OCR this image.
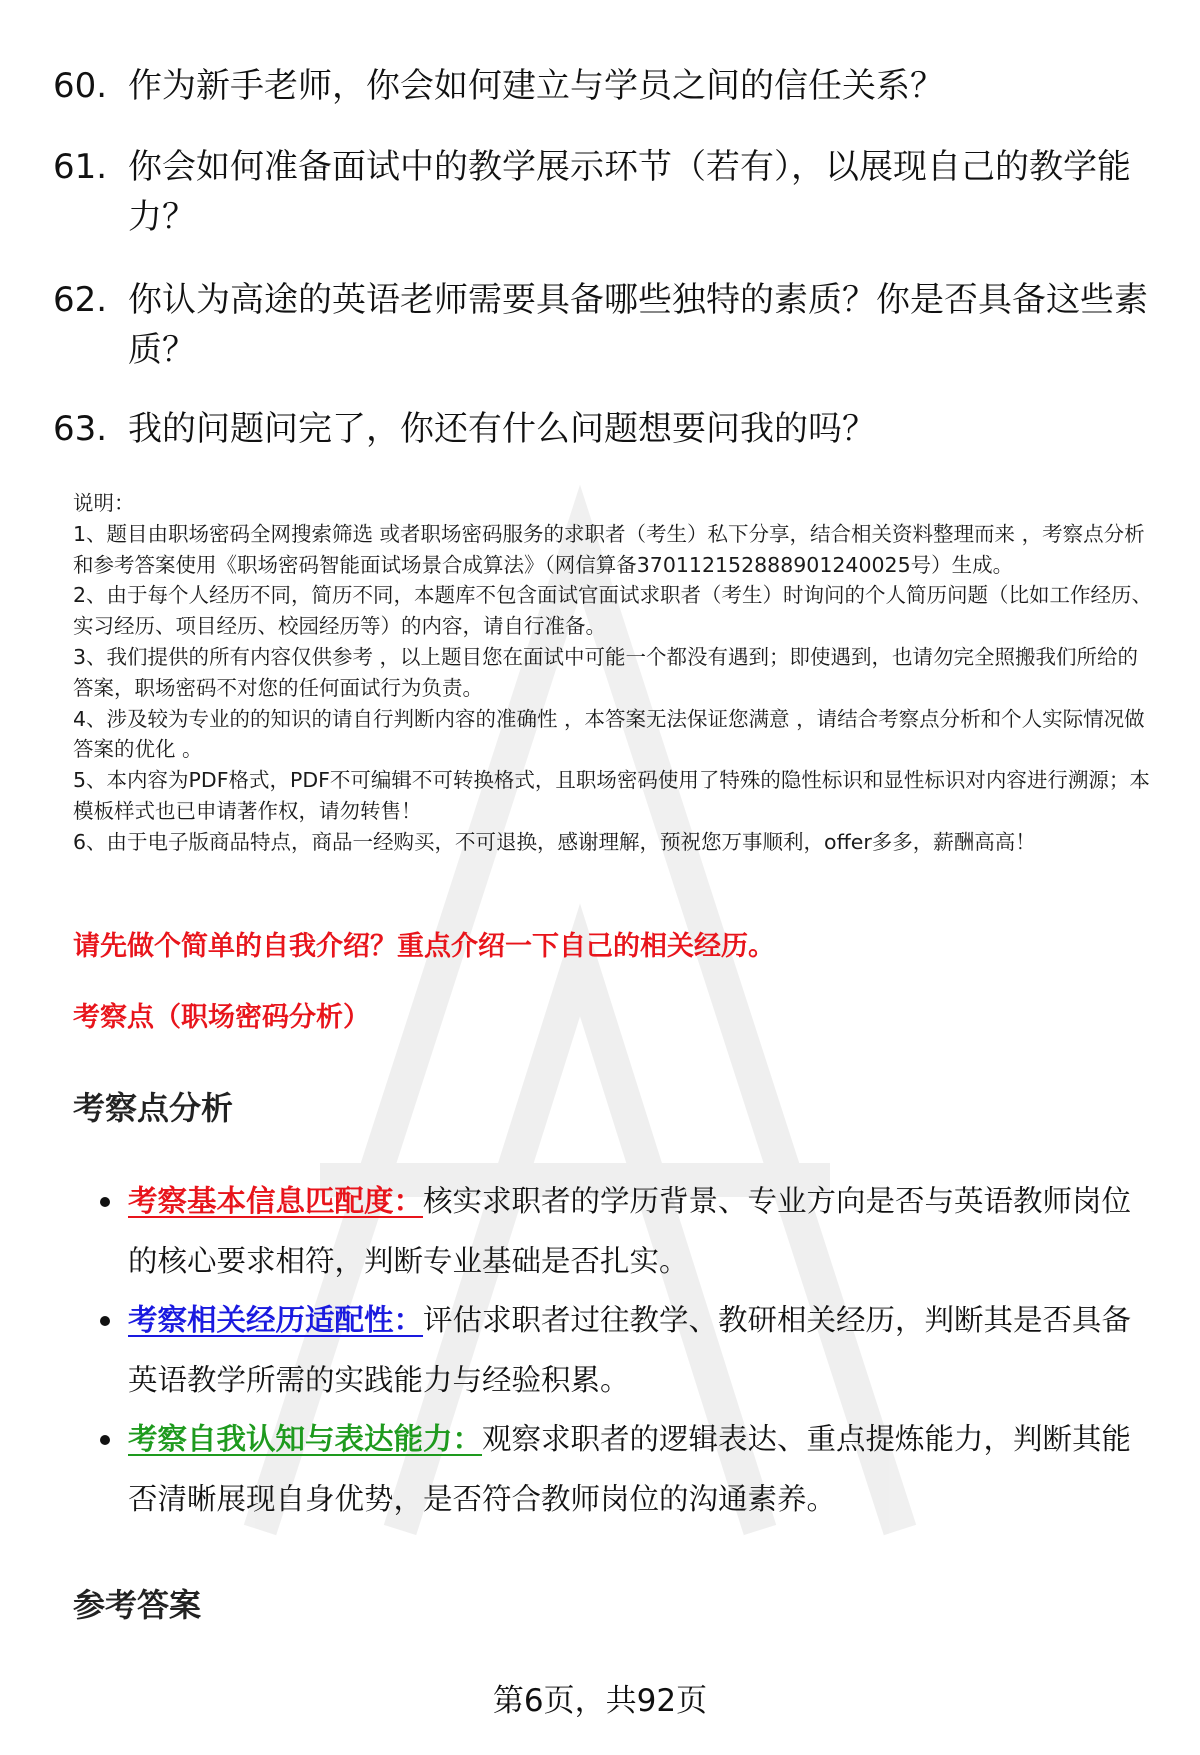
60. 作为新手老师，你会如何建立与学员之间的信任关系？
61. 你会如何准备面试中的教学展示环节（若有），以展现自己的教学能力？
62. 你认为高途的英语老师需要具备哪些独特的素质？你是否具备这些素质？
63. 我的问题问完了，你还有什么问题想要问我的吗？
说明：
1、题目由职场密码全网搜索筛选 或者职场密码服务的求职者（考生）私下分享，结合相关资料整理而来 ，考察点分析和参考答案使用《职场密码智能面试场景合成算法》（网信算备370112152888901240025号）生成。
2、由于每个人经历不同，简历不同，本题库不包含面试官面试求职者（考生）时询问的个人简历问题（比如工作经历、实习经历、项目经历、校园经历等）的内容，请自行准备。
3、我们提供的所有内容仅供参考 ，以上题目您在面试中可能一个都没有遇到；即使遇到，也请勿完全照搬我们所给的答案，职场密码不对您的任何面试行为负责。
4、涉及较为专业的的知识的请自行判断内容的准确性 ，本答案无法保证您满意 ，请结合考察点分析和个人实际情况做答案的优化 。
5、本内容为PDF格式，PDF不可编辑不可转换格式，且职场密码使用了特殊的隐性标识和显性标识对内容进行溯源；本模板样式也已申请著作权，请勿转售！
6、由于电子版商品特点，商品一经购买，不可退换，感谢理解，预祝您万事顺利，offer多多，薪酬高高！
请先做个简单的自我介绍？重点介绍一下自己的相关经历。
考察点（职场密码分析）
考察点分析
考察基本信息匹配度：核实求职者的学历背景、专业方向是否与英语教师岗位的核心要求相符，判断专业基础是否扎实。
考察相关经历适配性：评估求职者过往教学、教研相关经历，判断其是否具备英语教学所需的实践能力与经验积累。
考察自我认知与表达能力：观察求职者的逻辑表达、重点提炼能力，判断其能否清晰展现自身优势，是否符合教师岗位的沟通素养。
参考答案
第6页，共92页
